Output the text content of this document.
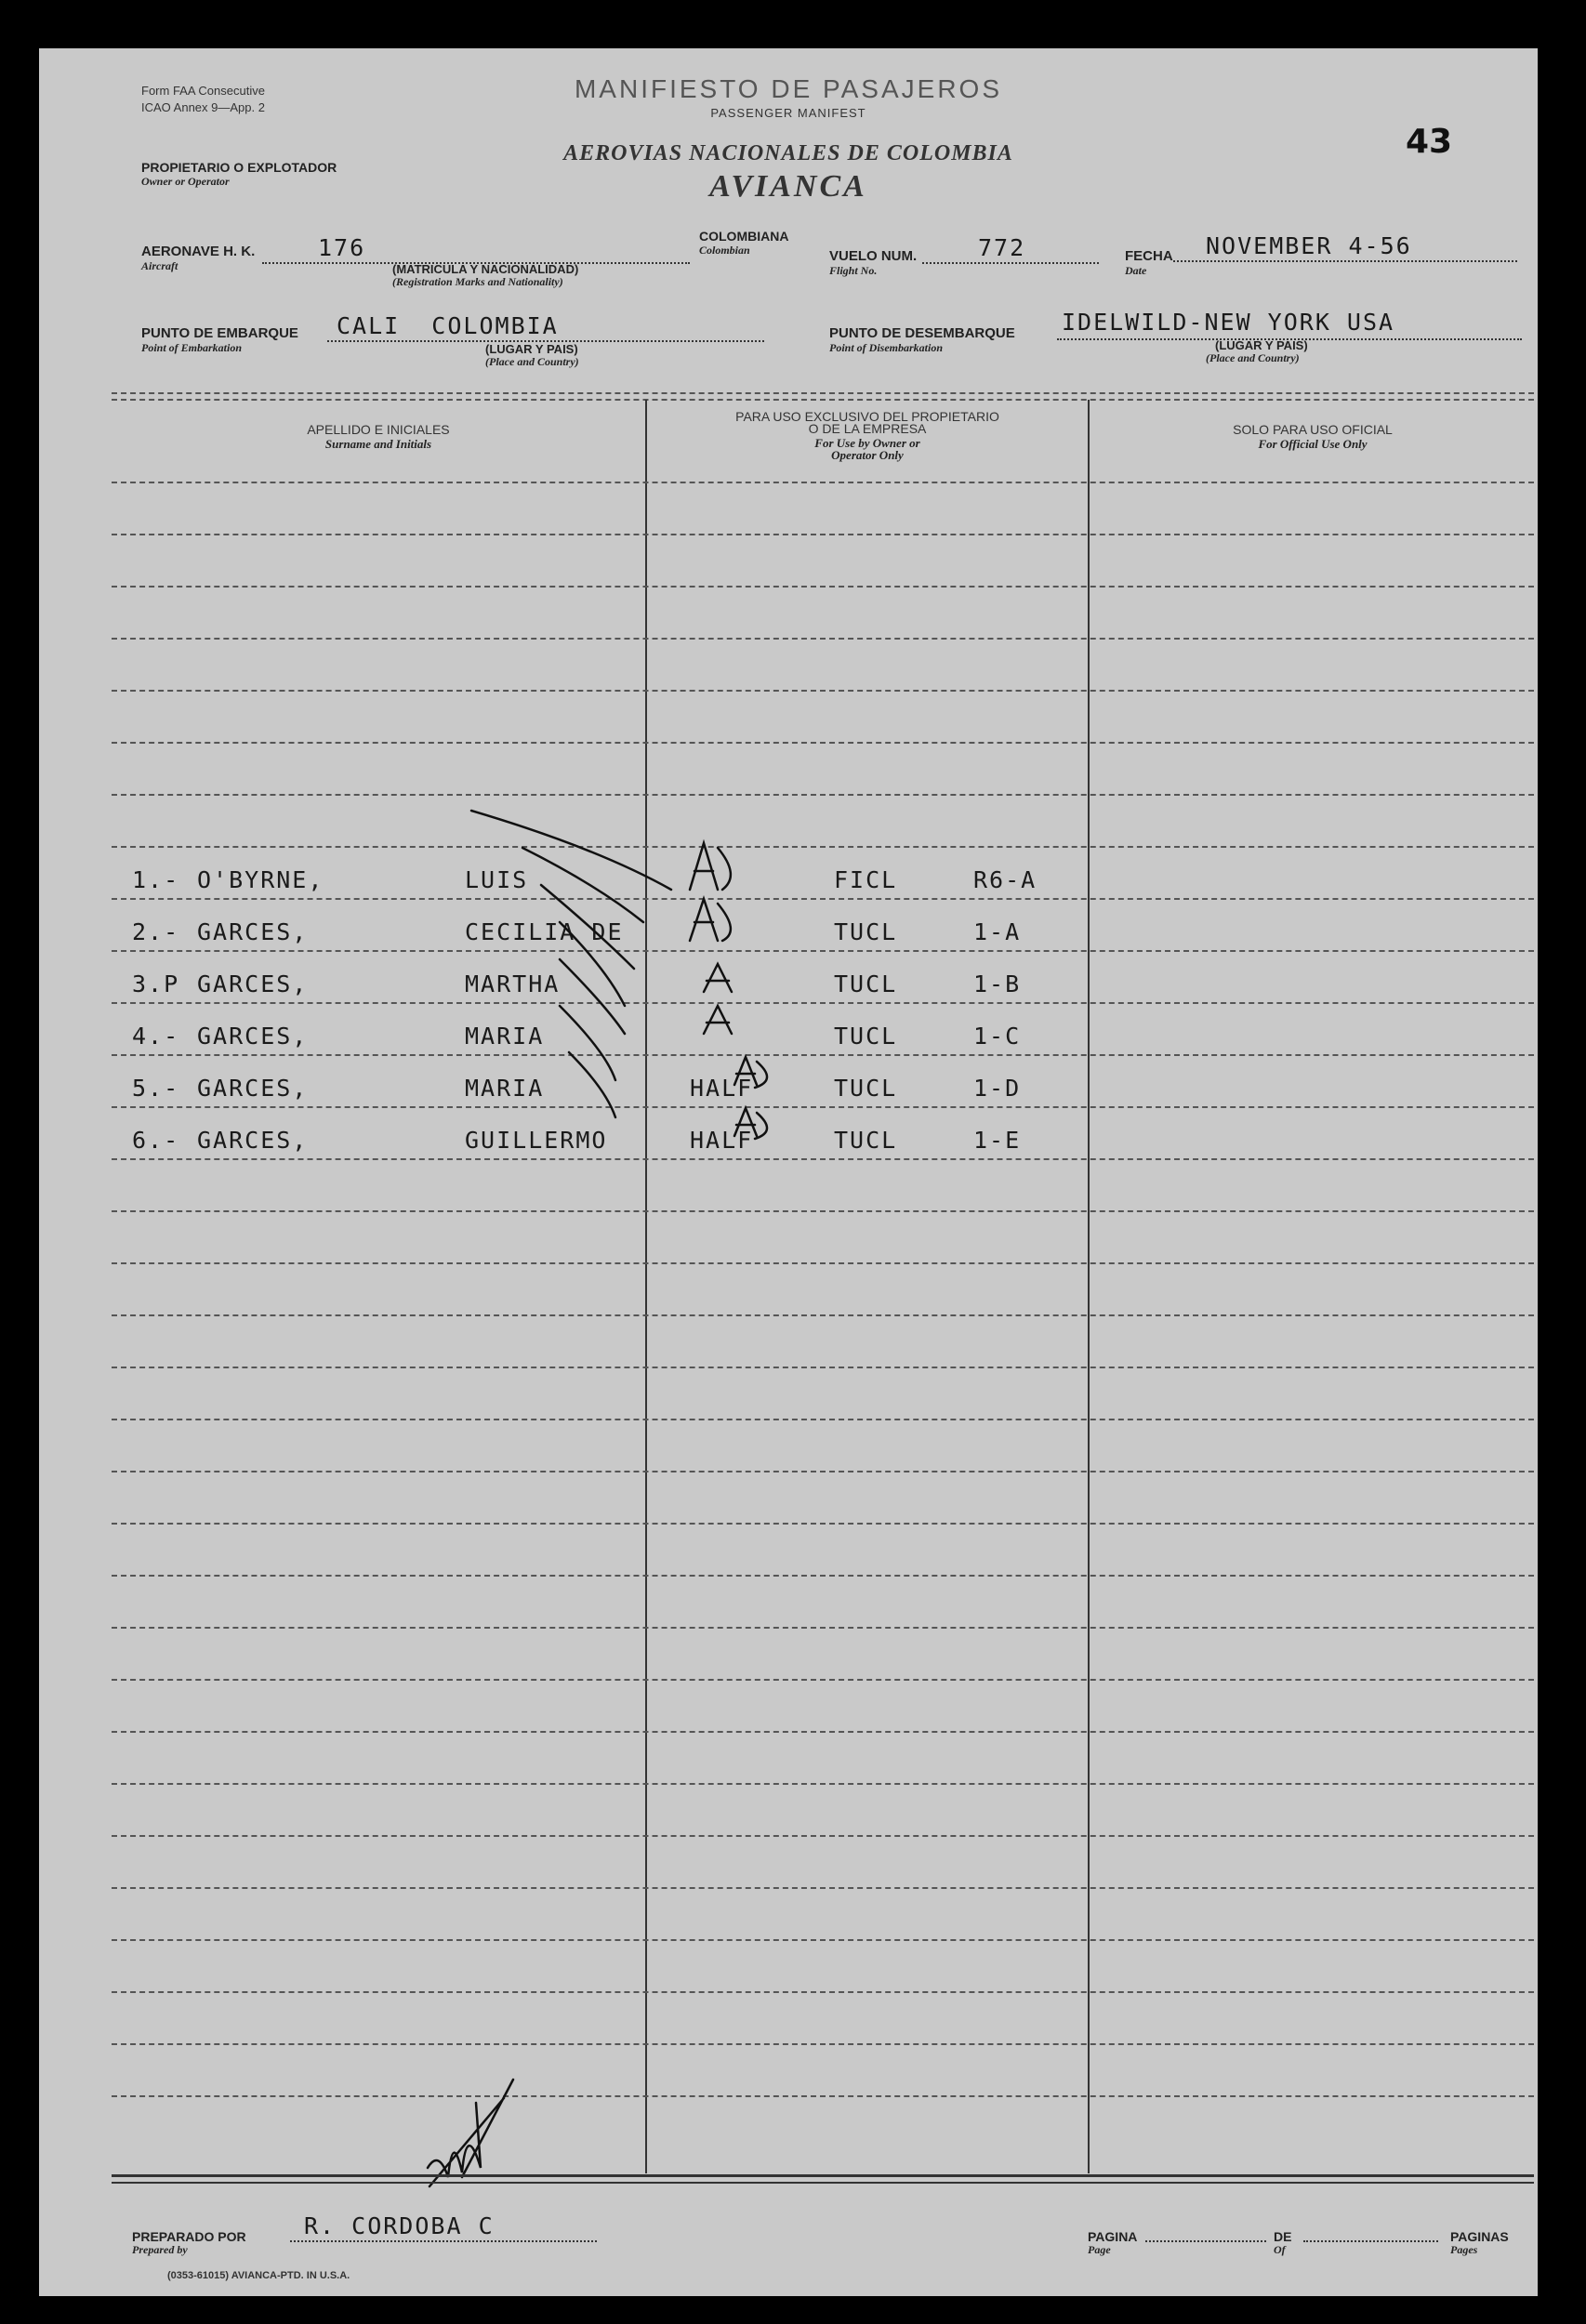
Form FAA Consecutive
ICAO Annex 9—App. 2
MANIFIESTO DE PASAJEROS
PASSENGER MANIFEST
AEROVIAS NACIONALES DE COLOMBIA
AVIANCA
PROPIETARIO O EXPLOTADOR
Owner or Operator
43
AERONAVE H. K.
Aircraft
176
(MATRICULA Y NACIONALIDAD)
(Registration Marks and Nationality)
COLOMBIANA
Colombian	VUELO NUM.
Flight No.
772	FECHA
Date
NOVEMBER 4-56
PUNTO DE EMBARQUE
Point of Embarkation
CALI  COLOMBIA
(LUGAR Y PAIS)
(Place and Country)
PUNTO DE DESEMBARQUE
Point of Disembarkation
IDELWILD-NEW YORK USA
(LUGAR Y PAIS)
(Place and Country)
APELLIDO E INICIALES
Surname and Initials
PARA USO EXCLUSIVO DEL PROPIETARIO
O DE LA EMPRESA
For Use by Owner or
Operator Only
SOLO PARA USO OFICIAL
For Official Use Only
1.- O'BYRNE,	LUIS	FICL	R6-A
2.- GARCES,	CECILIA DE	TUCL	1-A
3.P GARCES,	MARTHA	TUCL	1-B
4.- GARCES,	MARIA	TUCL	1-C
5.- GARCES,	MARIA	HALF	TUCL	1-D
6.- GARCES,	GUILLERMO	HALF	TUCL	1-E
PREPARADO POR
Prepared by
R. CORDOBA C	PAGINA
Page
DE
Of
PAGINAS
Pages
(0353-61015) AVIANCA-PTD. IN U.S.A.
